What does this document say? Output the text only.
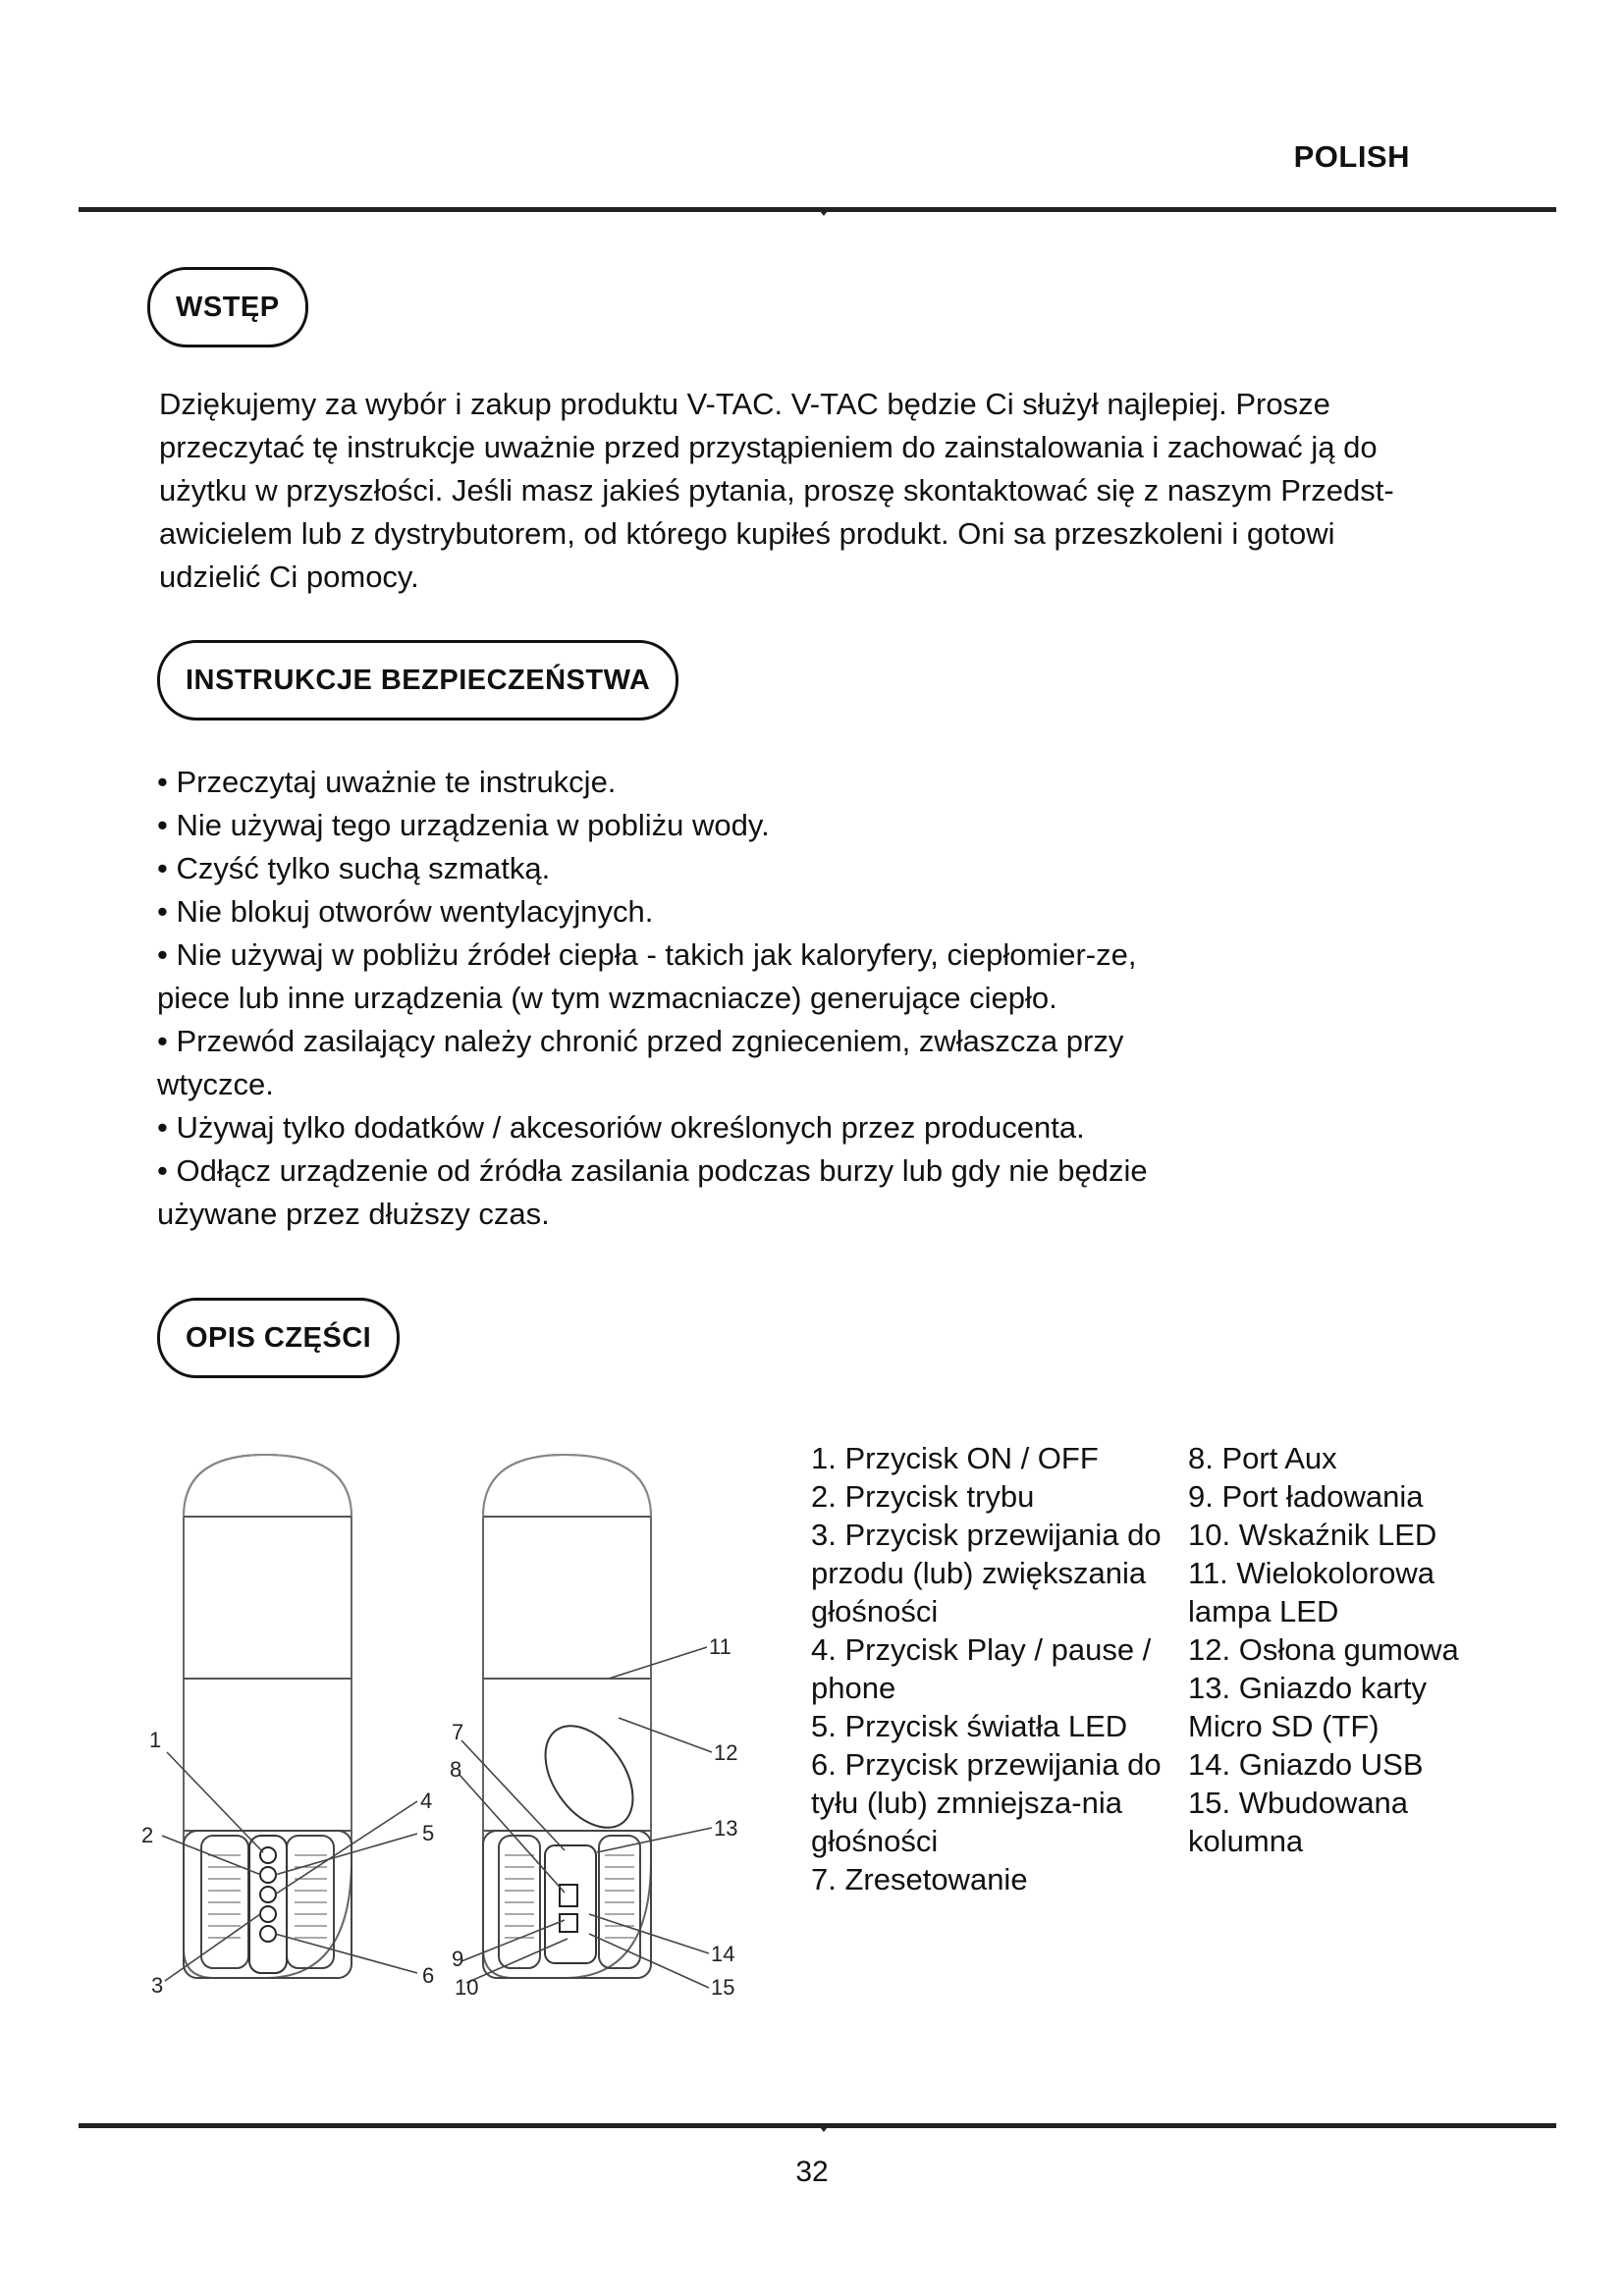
POLISH
WSTĘP
Dziękujemy za wybór i zakup produktu V-TAC. V-TAC będzie Ci służył najlepiej. Prosze
przeczytać tę instrukcje uważnie przed przystąpieniem do zainstalowania i zachować ją do
użytku w przyszłości. Jeśli masz jakieś pytania, proszę skontaktować się z naszym Przedst-
awicielem lub z dystrybutorem, od którego kupiłeś produkt. Oni sa przeszkoleni i gotowi
udzielić Ci pomocy.
INSTRUKCJE BEZPIECZEŃSTWA
• Przeczytaj uważnie te instrukcje.
• Nie używaj tego urządzenia w pobliżu wody.
• Czyść tylko suchą szmatką.
• Nie blokuj otworów wentylacyjnych.
• Nie używaj w pobliżu źródeł ciepła - takich jak kaloryfery, ciepłomier-ze, piece lub inne urządzenia (w tym wzmacniacze) generujące ciepło.
• Przewód zasilający należy chronić przed zgnieceniem, zwłaszcza przy wtyczce.
• Używaj tylko dodatków / akcesoriów określonych przez producenta.
• Odłącz urządzenie od źródła zasilania podczas burzy lub gdy nie będzie używane przez dłuższy czas.
OPIS CZĘŚCI
1
2
3
4
5
6
7
8
9
10
11
12
13
14
15
1. Przycisk ON / OFF
2. Przycisk trybu
3. Przycisk przewijania do przodu (lub) zwiększania głośności
4. Przycisk Play / pause / phone
5. Przycisk światła LED
6. Przycisk przewijania do tyłu (lub) zmniejsza-nia głośności
7. Zresetowanie
8. Port Aux
9. Port ładowania
10. Wskaźnik LED
11. Wielokolorowa lampa LED
12. Osłona gumowa
13. Gniazdo karty Micro SD (TF)
14. Gniazdo USB
15. Wbudowana kolumna
32
